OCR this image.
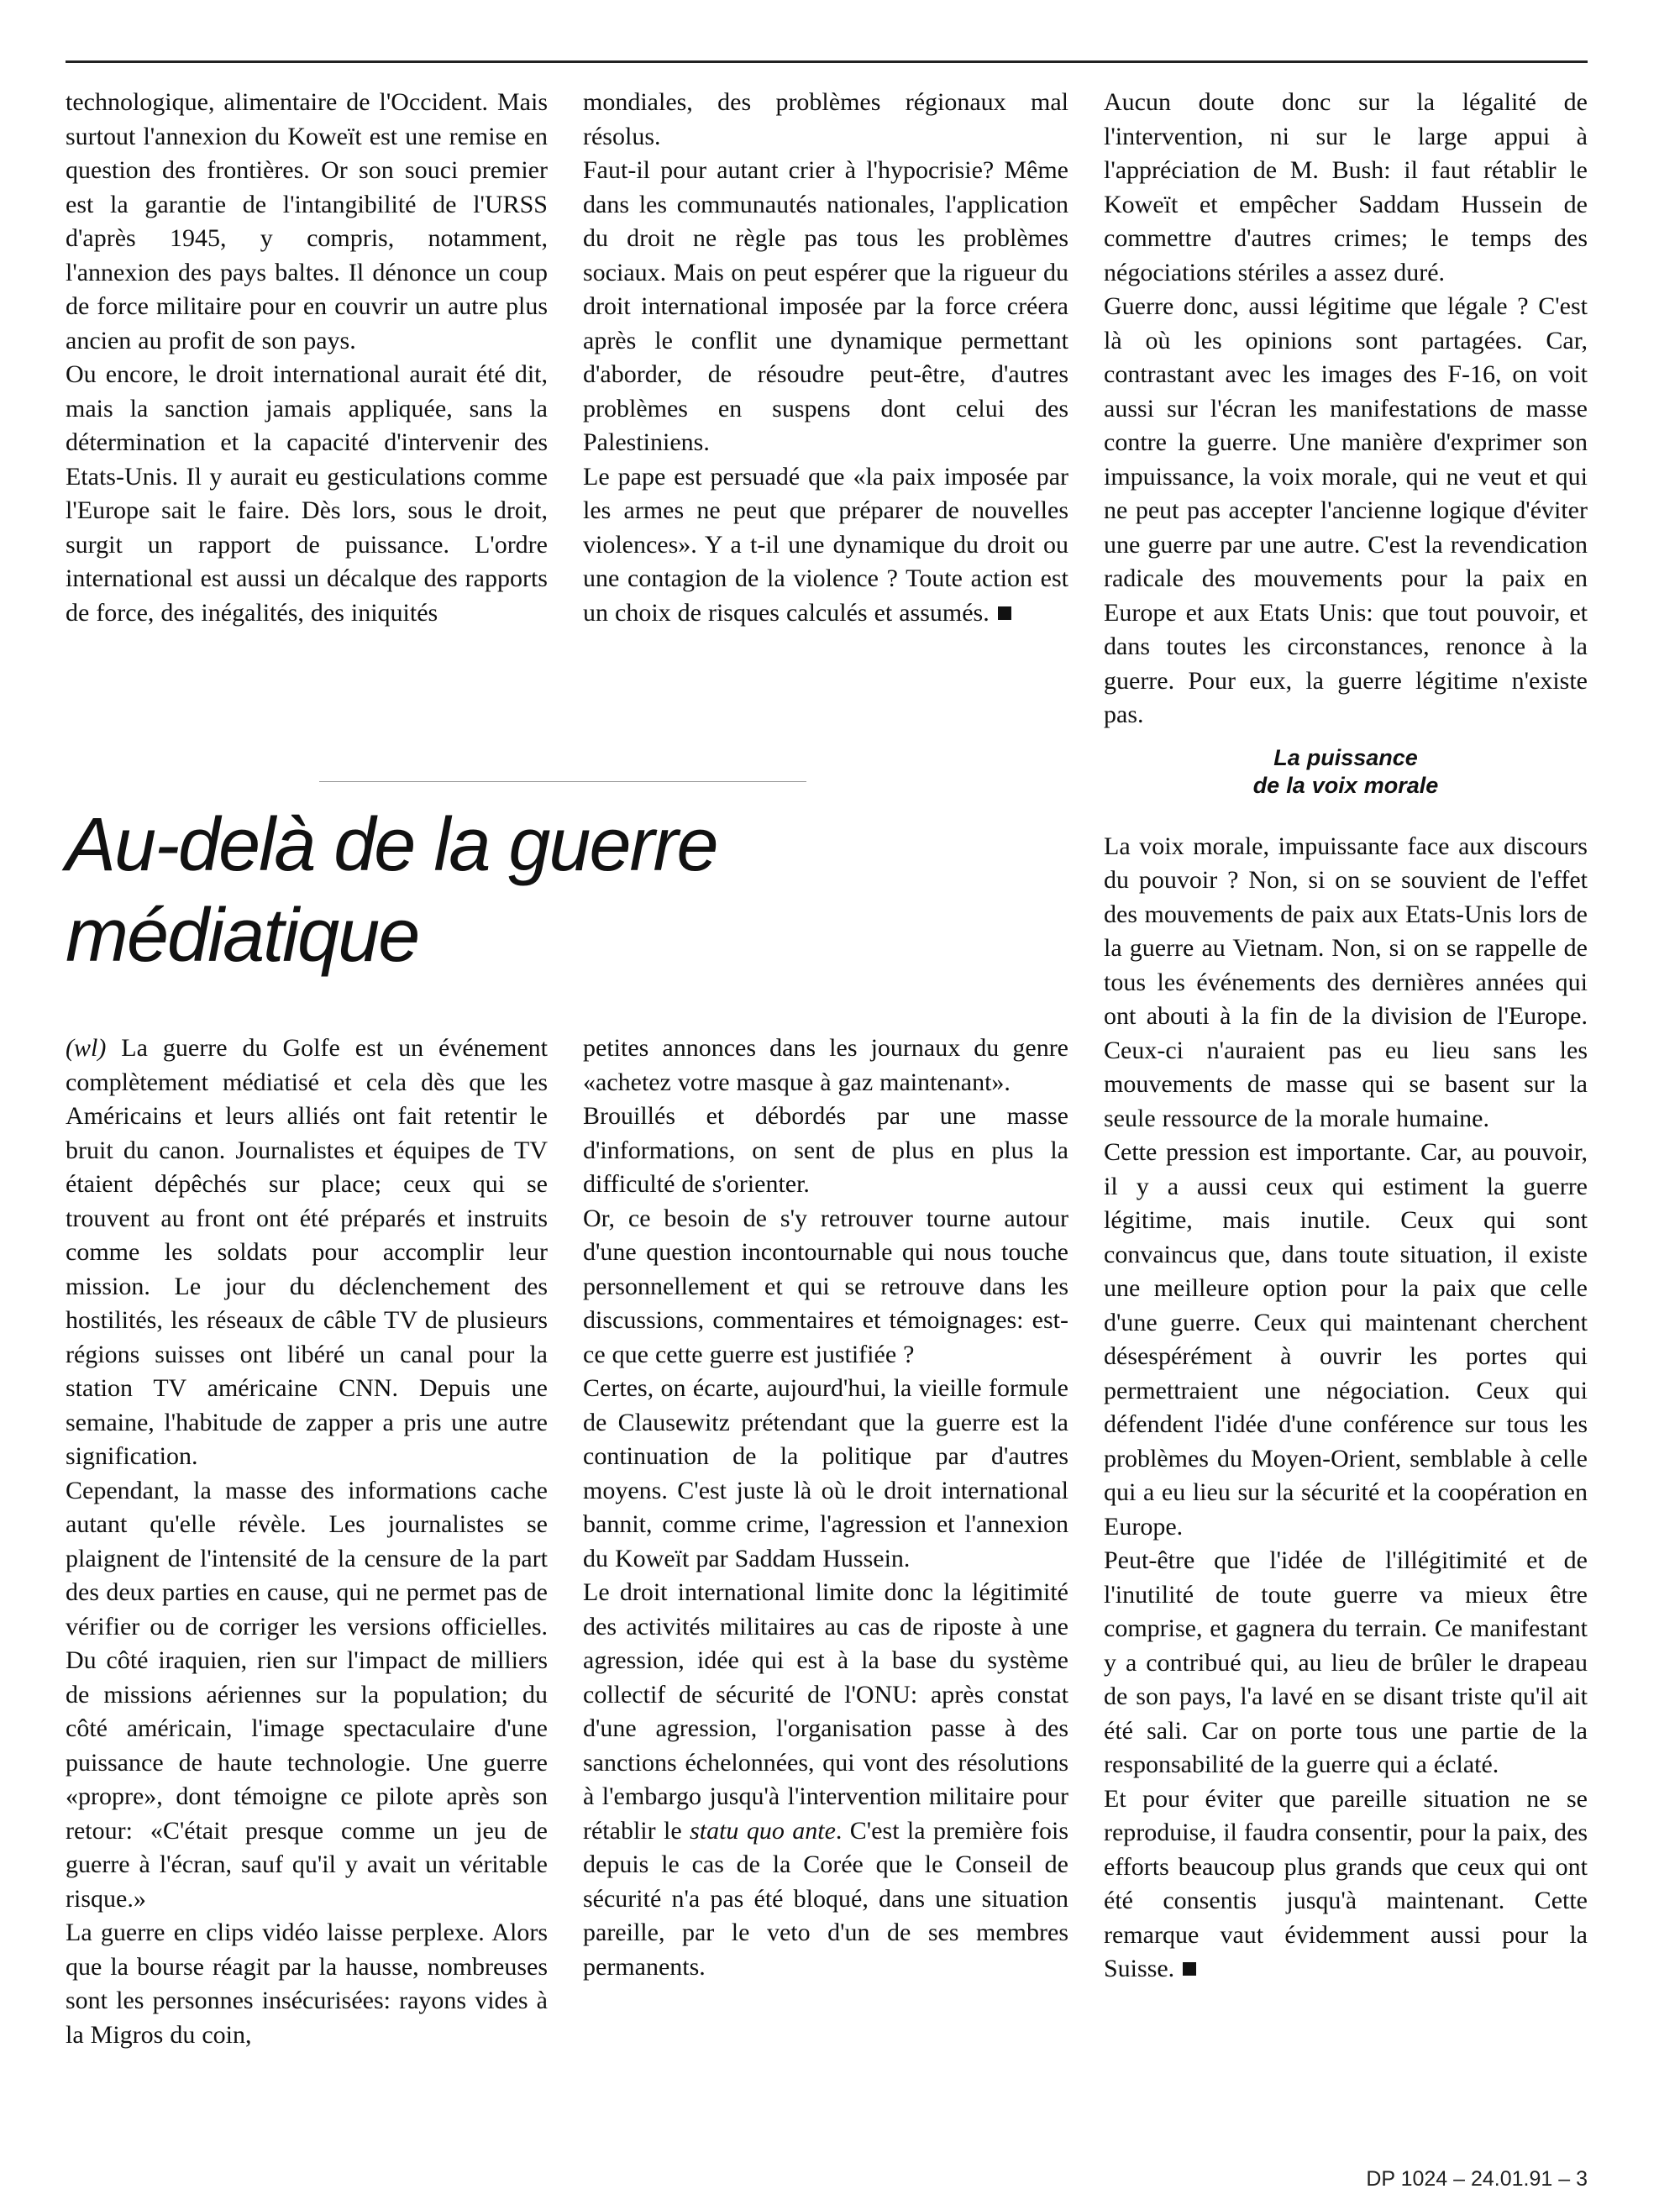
technologique, alimentaire de l'Occident. Mais surtout l'annexion du Koweït est une remise en question des frontières. Or son souci premier est la garantie de l'intangibilité de l'URSS d'après 1945, y compris, notamment, l'annexion des pays baltes. Il dénonce un coup de force militaire pour en couvrir un autre plus ancien au profit de son pays.

Ou encore, le droit international aurait été dit, mais la sanction jamais appliquée, sans la détermination et la capacité d'intervenir des Etats-Unis. Il y aurait eu gesticulations comme l'Europe sait le faire. Dès lors, sous le droit, surgit un rapport de puissance. L'ordre international est aussi un décalque des rapports de force, des inégalités, des iniquités

mondiales, des problèmes régionaux mal résolus.

Faut-il pour autant crier à l'hypocrisie? Même dans les communautés nationales, l'application du droit ne règle pas tous les problèmes sociaux. Mais on peut espérer que la rigueur du droit international imposée par la force créera après le conflit une dynamique permettant d'aborder, de résoudre peut-être, d'autres problèmes en suspens dont celui des Palestiniens.

Le pape est persuadé que «la paix imposée par les armes ne peut que préparer de nouvelles violences». Y a t-il une dynamique du droit ou une contagion de la violence ? Toute action est un choix de risques calculés et assumés.

Aucun doute donc sur la légalité de l'intervention, ni sur le large appui à l'appréciation de M. Bush: il faut rétablir le Koweït et empêcher Saddam Hussein de commettre d'autres crimes; le temps des négociations stériles a assez duré.

Guerre donc, aussi légitime que légale ? C'est là où les opinions sont partagées. Car, contrastant avec les images des F-16, on voit aussi sur l'écran les manifestations de masse contre la guerre. Une manière d'exprimer son impuissance, la voix morale, qui ne veut et qui ne peut pas accepter l'ancienne logique d'éviter une guerre par une autre. C'est la revendication radicale des mouvements pour la paix en Europe et aux Etats Unis: que tout pouvoir, et dans toutes les circonstances, renonce à la guerre. Pour eux, la guerre légitime n'existe pas.

La puissance
de la voix morale

La voix morale, impuissante face aux discours du pouvoir ? Non, si on se souvient de l'effet des mouvements de paix aux Etats-Unis lors de la guerre au Vietnam. Non, si on se rappelle de tous les événements des dernières années qui ont abouti à la fin de la division de l'Europe. Ceux-ci n'auraient pas eu lieu sans les mouvements de masse qui se basent sur la seule ressource de la morale humaine.

Cette pression est importante. Car, au pouvoir, il y a aussi ceux qui estiment la guerre légitime, mais inutile. Ceux qui sont convaincus que, dans toute situation, il existe une meilleure option pour la paix que celle d'une guerre. Ceux qui maintenant cherchent désespérément à ouvrir les portes qui permettraient une négociation. Ceux qui défendent l'idée d'une conférence sur tous les problèmes du Moyen-Orient, semblable à celle qui a eu lieu sur la sécurité et la coopération en Europe.

Peut-être que l'idée de l'illégitimité et de l'inutilité de toute guerre va mieux être comprise, et gagnera du terrain. Ce manifestant y a contribué qui, au lieu de brûler le drapeau de son pays, l'a lavé en se disant triste qu'il ait été sali. Car on porte tous une partie de la responsabilité de la guerre qui a éclaté.

Et pour éviter que pareille situation ne se reproduise, il faudra consentir, pour la paix, des efforts beaucoup plus grands que ceux qui ont été consentis jusqu'à maintenant. Cette remarque vaut évidemment aussi pour la Suisse.

Au-delà de la guerre
médiatique

(wl) La guerre du Golfe est un événement complètement médiatisé et cela dès que les Américains et leurs alliés ont fait retentir le bruit du canon. Journalistes et équipes de TV étaient dépêchés sur place; ceux qui se trouvent au front ont été préparés et instruits comme les soldats pour accomplir leur mission. Le jour du déclenchement des hostilités, les réseaux de câble TV de plusieurs régions suisses ont libéré un canal pour la station TV américaine CNN. Depuis une semaine, l'habitude de zapper a pris une autre signification.

Cependant, la masse des informations cache autant qu'elle révèle. Les journalistes se plaignent de l'intensité de la censure de la part des deux parties en cause, qui ne permet pas de vérifier ou de corriger les versions officielles. Du côté iraquien, rien sur l'impact de milliers de missions aériennes sur la population; du côté américain, l'image spectaculaire d'une puissance de haute technologie. Une guerre «propre», dont témoigne ce pilote après son retour: «C'était presque comme un jeu de guerre à l'écran, sauf qu'il y avait un véritable risque.»

La guerre en clips vidéo laisse perplexe. Alors que la bourse réagit par la hausse, nombreuses sont les personnes insécurisées: rayons vides à la Migros du coin,

petites annonces dans les journaux du genre «achetez votre masque à gaz maintenant».

Brouillés et débordés par une masse d'informations, on sent de plus en plus la difficulté de s'orienter.

Or, ce besoin de s'y retrouver tourne autour d'une question incontournable qui nous touche personnellement et qui se retrouve dans les discussions, commentaires et témoignages: est-ce que cette guerre est justifiée ?

Certes, on écarte, aujourd'hui, la vieille formule de Clausewitz prétendant que la guerre est la continuation de la politique par d'autres moyens. C'est juste là où le droit international bannit, comme crime, l'agression et l'annexion du Koweït par Saddam Hussein.

Le droit international limite donc la légitimité des activités militaires au cas de riposte à une agression, idée qui est à la base du système collectif de sécurité de l'ONU: après constat d'une agression, l'organisation passe à des sanctions échelonnées, qui vont des résolutions à l'embargo jusqu'à l'intervention militaire pour rétablir le statu quo ante. C'est la première fois depuis le cas de la Corée que le Conseil de sécurité n'a pas été bloqué, dans une situation pareille, par le veto d'un de ses membres permanents.

DP 1024 – 24.01.91 – 3
